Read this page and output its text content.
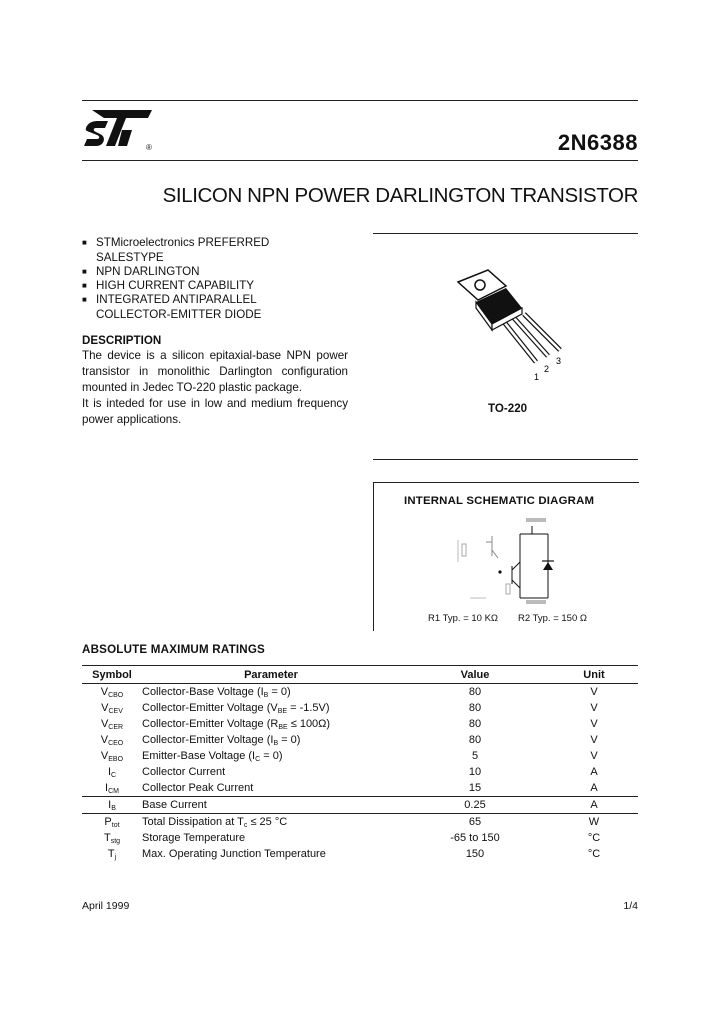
®	2N6388
SILICON NPN POWER DARLINGTON TRANSISTOR
■ STMicroelectronics PREFERRED
SALESTYPE
■ NPN DARLINGTON
■ HIGH CURRENT CAPABILITY
■ INTEGRATED ANTIPARALLEL
COLLECTOR-EMITTER DIODE
DESCRIPTION

The device is a silicon epitaxial-base NPN power transistor in monolithic Darlington configuration mounted in Jedec TO-220 plastic package.

It is inteded for use in low and medium frequency power applications.

3
2
1
TO-220
INTERNAL SCHEMATIC DIAGRAM
R1 Typ. = 10 KΩ R2 Typ. = 150 Ω
ABSOLUTE MAXIMUM RATINGS
Symbol	Parameter	Value	Unit
$V_{CBO}$	Collector-Base Voltage $(I_B = 0)$	80	V
$V_{CEV}$	Collector-Emitter Voltage $(V_{BE} = -1.5V)$	80	V
$V_{CER}$	Collector-Emitter Voltage $(R_{BE} \le 100\Omega)$	80	V
$V_{CEO}$	Collector-Emitter Voltage $(I_B = 0)$	80	V
$V_{EBO}$	Emitter-Base Voltage $(I_C = 0)$	5	V
$I_C$	Collector Current	10	A
$I_{CM}$	Collector Peak Current	15	A
$I_B$	Base Current	0.25	A
$P_{tot}$	Total Dissipation at $T_c \le 25$ °C	65	W
$T_{stg}$	Storage Temperature	-65 to 150	°C
$T_j$	Max. Operating Junction Temperature	150	°C
April 1999	1/4
